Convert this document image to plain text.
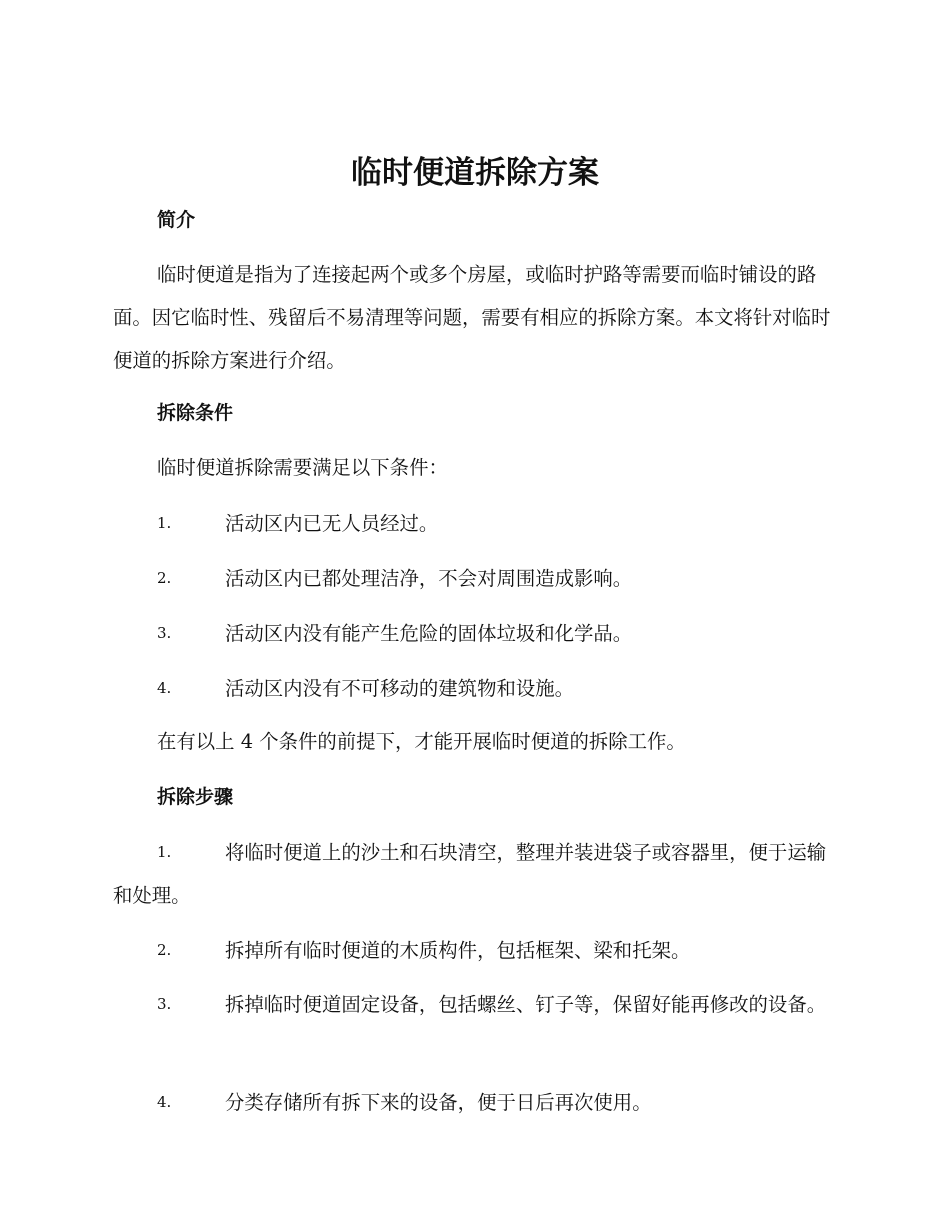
临时便道拆除方案
简介

临时便道是指为了连接起两个或多个房屋，或临时护路等需要而临时铺设的路面。因它临时性、残留后不易清理等问题，需要有相应的拆除方案。本文将针对临时便道的拆除方案进行介绍。

拆除条件

临时便道拆除需要满足以下条件：

1.	活动区内已无人员经过。
2.	活动区内已都处理洁净，不会对周围造成影响。
3.	活动区内没有能产生危险的固体垃圾和化学品。
4.	活动区内没有不可移动的建筑物和设施。

在有以上 4 个条件的前提下，才能开展临时便道的拆除工作。

拆除步骤
1.	将临时便道上的沙土和石块清空，整理并装进袋子或容器里，便于运输和处理。
2.	拆掉所有临时便道的木质构件，包括框架、梁和托架。
3.	拆掉临时便道固定设备，包括螺丝、钉子等，保留好能再修改的设备。
4.	分类存储所有拆下来的设备，便于日后再次使用。
